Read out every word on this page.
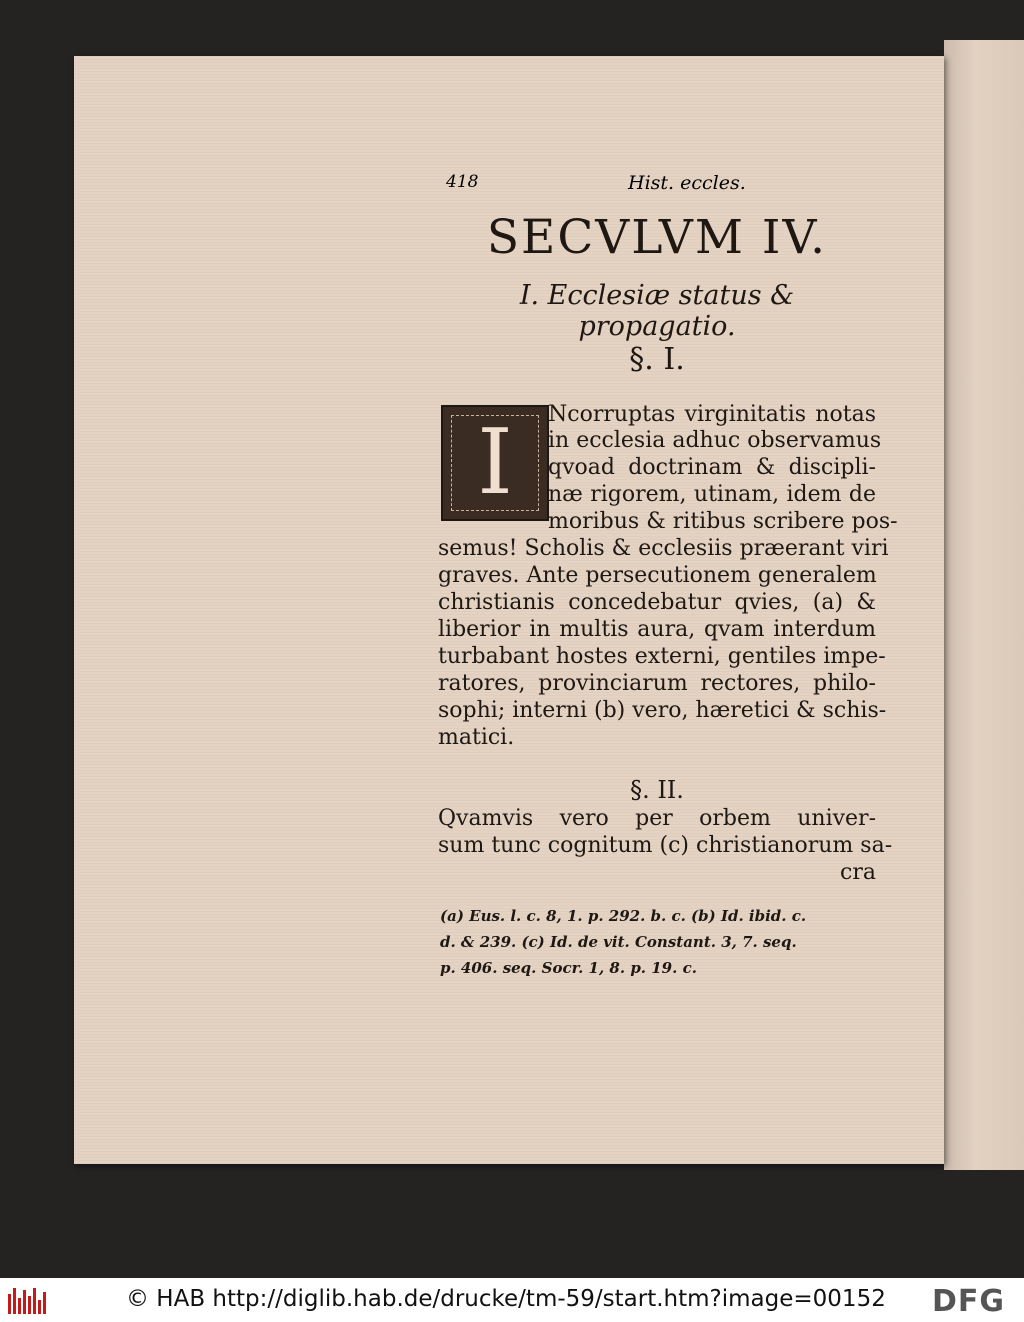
418	Hist. eccles.
SECVLVM IV.
I. Ecclesiæ status & propagatio.
§. I.
I	Ncorruptas virginitatis notas
in ecclesia adhuc observamus
qvoad doctrinam & discipli-
næ rigorem, utinam, idem de
moribus & ritibus scribere pos-
semus! Scholis & ecclesiis præerant viri
graves. Ante persecutionem generalem
christianis concedebatur qvies, (a) &
liberior in multis aura, qvam interdum
turbabant hostes externi, gentiles impe-
ratores, provinciarum rectores, philo-
sophi; interni (b) vero, hæretici & schis-
matici.
§. II.
Qvamvis vero per orbem univer-
sum tunc cognitum (c) christianorum sa-
cra
(a) Eus. l. c. 8, 1. p. 292. b. c. (b) Id. ibid. c.
d. & 239. (c) Id. de vit. Constant. 3, 7. seq.
p. 406. seq. Socr. 1, 8. p. 19. c.
© HAB http://diglib.hab.de/drucke/tm-59/start.htm?image=00152 DFG
